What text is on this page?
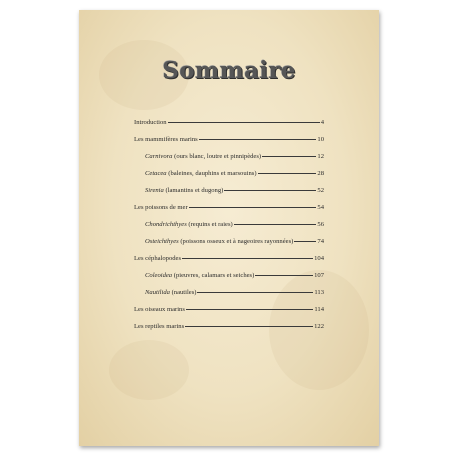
Sommaire
Introduction	4
Les mammifères marins	10
Carnivora (ours blanc, loutre et pinnipèdes)	12
Cetacea (baleines, dauphins et marsouins)	28
Sirenia (lamantins et dugong)	52
Les poissons de mer	54
Chondrichthyes (requins et raies)	56
Osteichthyes (poissons osseux et à nageoires rayonnées)	74
Les céphalopodes	104
Coleoidea (pieuvres, calamars et seiches)	107
Nautilida (nautiles)	113
Les oiseaux marins	114
Les reptiles marins	122
